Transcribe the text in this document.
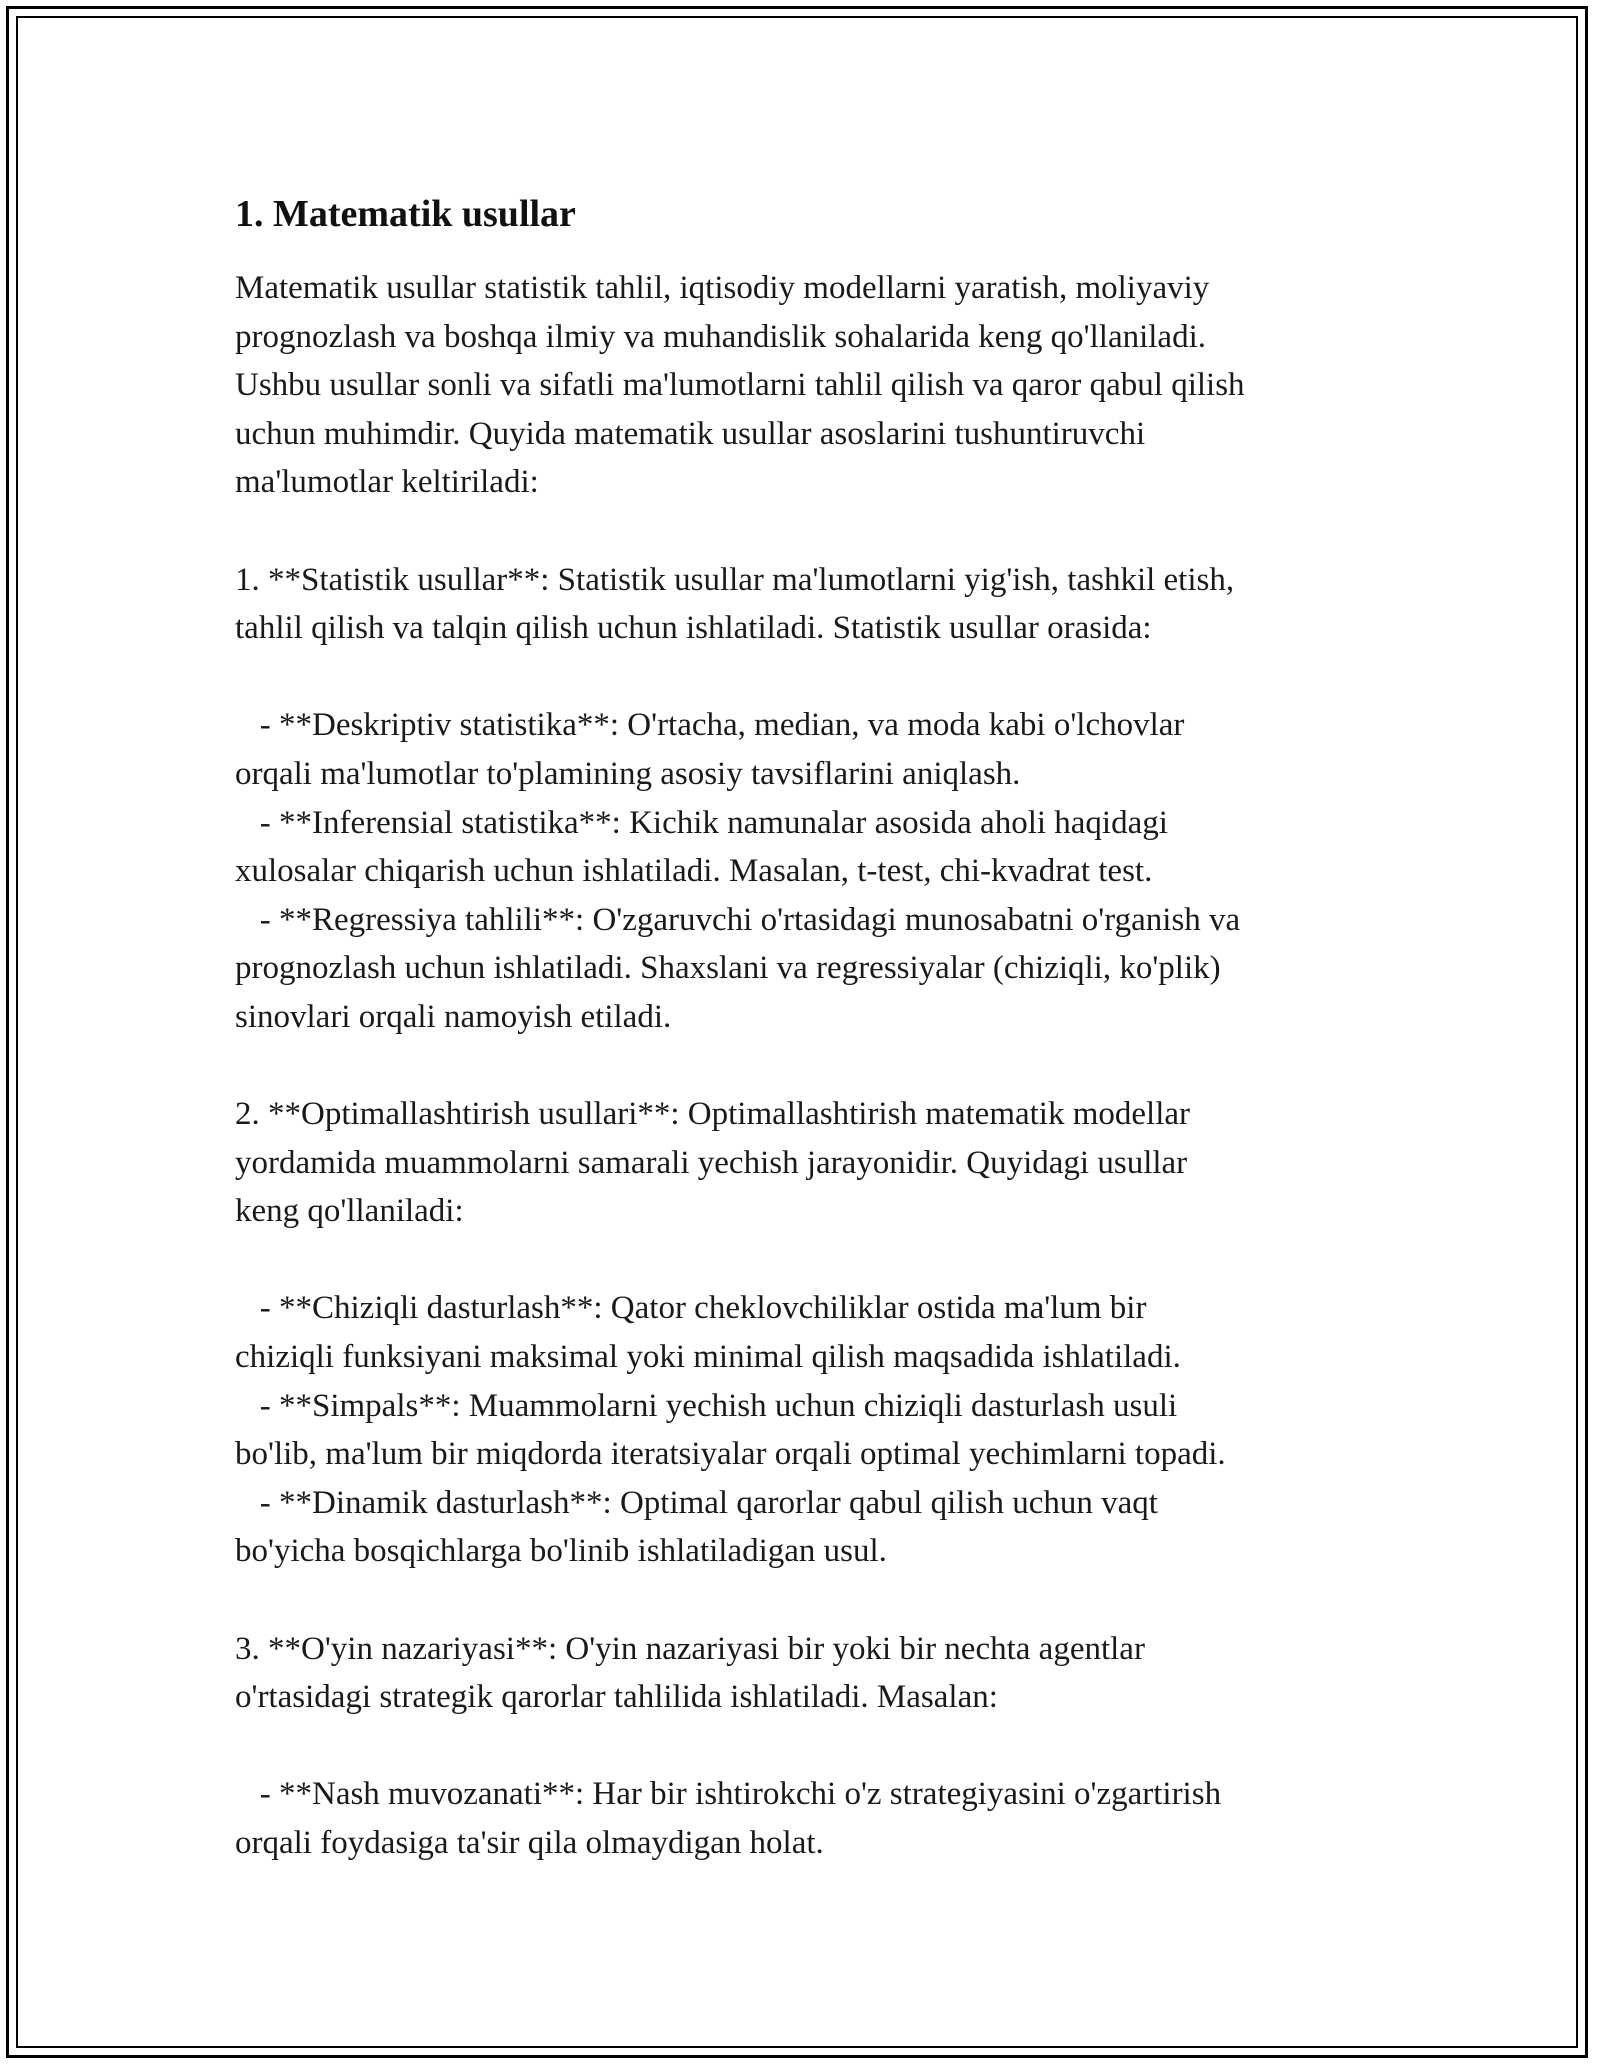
1. Matematik usullar

Matematik usullar statistik tahlil, iqtisodiy modellarni yaratish, moliyaviy
prognozlash va boshqa ilmiy va muhandislik sohalarida keng qo'llaniladi.
Ushbu usullar sonli va sifatli ma'lumotlarni tahlil qilish va qaror qabul qilish
uchun muhimdir. Quyida matematik usullar asoslarini tushuntiruvchi
ma'lumotlar keltiriladi:

1. **Statistik usullar**: Statistik usullar ma'lumotlarni yig'ish, tashkil etish,
tahlil qilish va talqin qilish uchun ishlatiladi. Statistik usullar orasida:

- **Deskriptiv statistika**: O'rtacha, median, va moda kabi o'lchovlar
orqali ma'lumotlar to'plamining asosiy tavsiflarini aniqlash.
- **Inferensial statistika**: Kichik namunalar asosida aholi haqidagi
xulosalar chiqarish uchun ishlatiladi. Masalan, t-test, chi-kvadrat test.
- **Regressiya tahlili**: O'zgaruvchi o'rtasidagi munosabatni o'rganish va
prognozlash uchun ishlatiladi. Shaxslani va regressiyalar (chiziqli, ko'plik)
sinovlari orqali namoyish etiladi.

2. **Optimallashtirish usullari**: Optimallashtirish matematik modellar
yordamida muammolarni samarali yechish jarayonidir. Quyidagi usullar
keng qo'llaniladi:

- **Chiziqli dasturlash**: Qator cheklovchiliklar ostida ma'lum bir
chiziqli funksiyani maksimal yoki minimal qilish maqsadida ishlatiladi.
- **Simpals**: Muammolarni yechish uchun chiziqli dasturlash usuli
bo'lib, ma'lum bir miqdorda iteratsiyalar orqali optimal yechimlarni topadi.
- **Dinamik dasturlash**: Optimal qarorlar qabul qilish uchun vaqt
bo'yicha bosqichlarga bo'linib ishlatiladigan usul.

3. **O'yin nazariyasi**: O'yin nazariyasi bir yoki bir nechta agentlar
o'rtasidagi strategik qarorlar tahlilida ishlatiladi. Masalan:

- **Nash muvozanati**: Har bir ishtirokchi o'z strategiyasini o'zgartirish
orqali foydasiga ta'sir qila olmaydigan holat.
